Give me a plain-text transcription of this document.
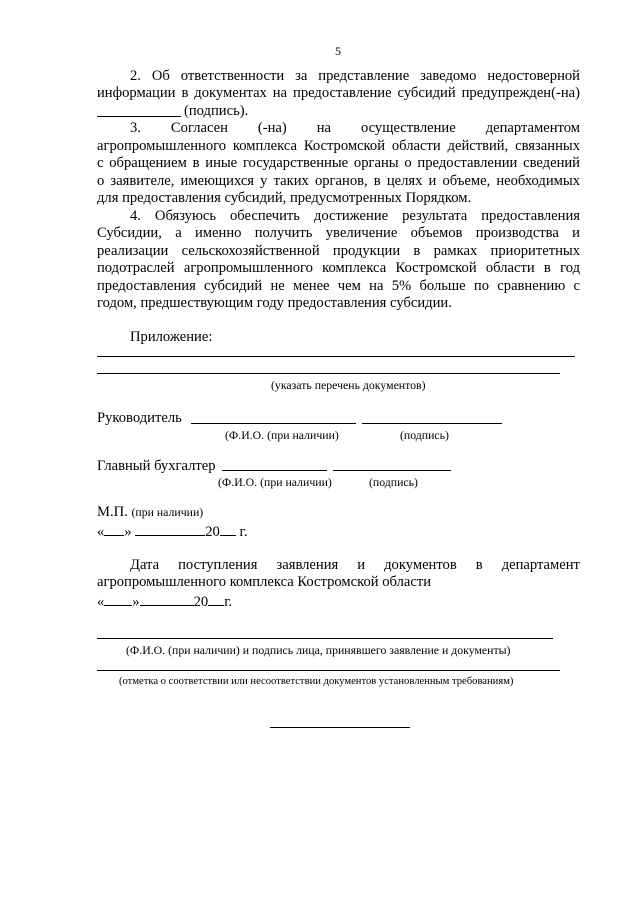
5
2. Об ответственности за представление заведомо недостоверной
информации в документах на предоставление субсидий предупрежден(-на)
(подпись).
3. Согласен (-на) на осуществление департаментом
агропромышленного комплекса Костромской области действий, связанных
с обращением в иные государственные органы о предоставлении сведений
о заявителе, имеющихся у таких органов, в целях и объеме, необходимых
для предоставления субсидий, предусмотренных Порядком.
4. Обязуюсь обеспечить достижение результата предоставления
Субсидии, а именно получить увеличение объемов производства и
реализации сельскохозяйственной продукции в рамках приоритетных
подотраслей агропромышленного комплекса Костромской области в год
предоставления субсидий не менее чем на 5% больше по сравнению с
годом, предшествующим году предоставления субсидии.
Приложение:
(указать перечень документов)
Руководитель
(Ф.И.О. (при наличии)	(подпись)
Главный бухгалтер
(Ф.И.О. (при наличии)	(подпись)
М.П. (при наличии)
« »	20 г.
Дата поступления заявления и документов в департамент
агропромышленного комплекса Костромской области
« »	20 г.
(Ф.И.О. (при наличии) и подпись лица, принявшего заявление и документы)
(отметка о соответствии или несоответствии документов установленным требованиям)
